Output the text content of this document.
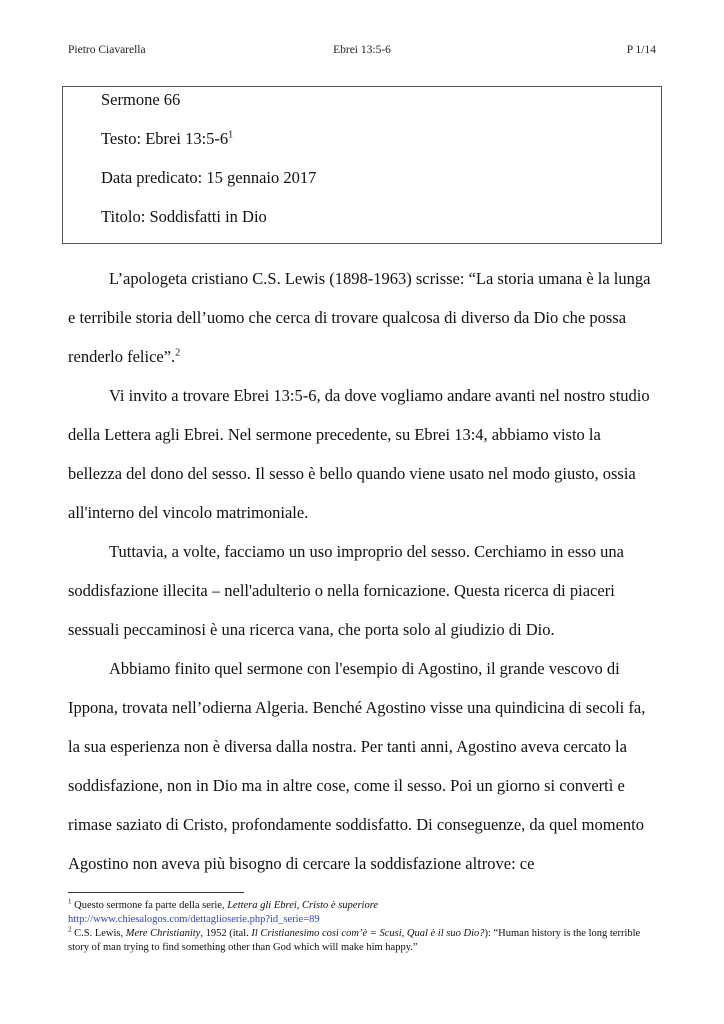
Pietro Ciavarella	Ebrei 13:5-6	P 1/14
Sermone 66
Testo: Ebrei $13:5-6^1$
Data predicato: 15 gennaio 2017
Titolo: Soddisfatti in Dio

L’apologeta cristiano C.S. Lewis (1898-1963) scrisse: “La storia umana è la lunga e terribile storia dell’uomo che cerca di trovare qualcosa di diverso da Dio che possa renderlo felice”.$^2$

Vi invito a trovare Ebrei 13:5-6, da dove vogliamo andare avanti nel nostro studio della Lettera agli Ebrei. Nel sermone precedente, su Ebrei 13:4, abbiamo visto la bellezza del dono del sesso. Il sesso è bello quando viene usato nel modo giusto, ossia all'interno del vincolo matrimoniale.

Tuttavia, a volte, facciamo un uso improprio del sesso. Cerchiamo in esso una soddisfazione illecita – nell'adulterio o nella fornicazione. Questa ricerca di piaceri sessuali peccaminosi è una ricerca vana, che porta solo al giudizio di Dio.

Abbiamo finito quel sermone con l'esempio di Agostino, il grande vescovo di Ippona, trovata nell’odierna Algeria. Benché Agostino visse una quindicina di secoli fa, la sua esperienza non è diversa dalla nostra. Per tanti anni, Agostino aveva cercato la soddisfazione, non in Dio ma in altre cose, come il sesso. Poi un giorno si convertì e rimase saziato di Cristo, profondamente soddisfatto. Di conseguenze, da quel momento Agostino non aveva più bisogno di cercare la soddisfazione altrove: ce

$^1$ Questo sermone fa parte della serie, Lettera gli Ebrei, Cristo è superiore
http://www.chiesalogos.com/dettaglioserie.php?id_serie=89

$^2$ C.S. Lewis, Mere Christianity, 1952 (ital. Il Cristianesimo così com’è = Scusi, Qual è il suo Dio?): “Human history is the long terrible story of man trying to find something other than God which will make him happy.”
